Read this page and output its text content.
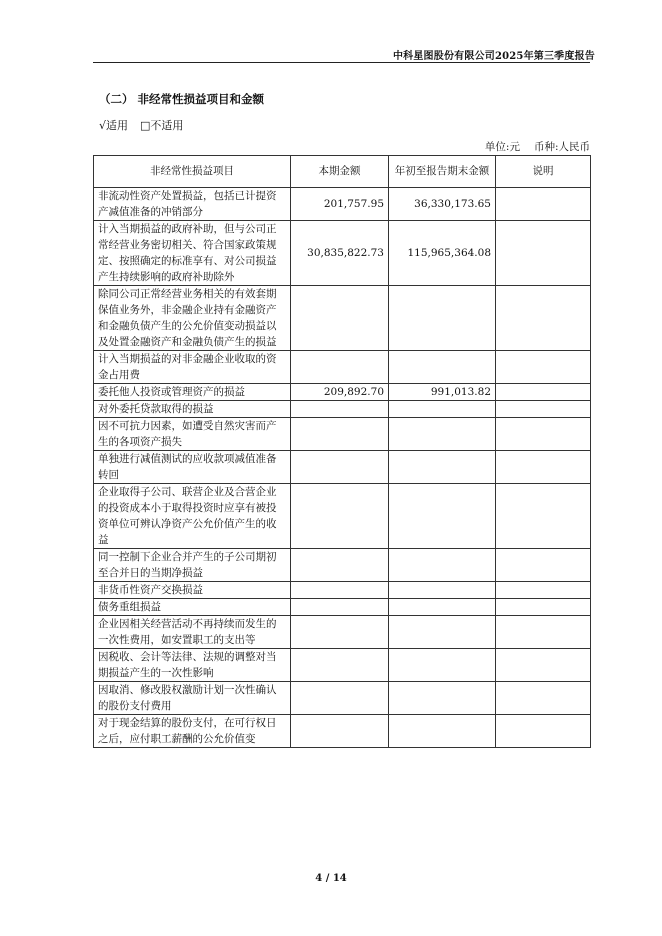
中科星图股份有限公司2025年第三季度报告
（二） 非经常性损益项目和金额
√适用 □不适用
单位:元 币种:人民币
非经常性损益项目	本期金额	年初至报告期末金额	说明
非流动性资产处置损益，包括已计提资产减值准备的冲销部分	201,757.95	36,330,173.65	
计入当期损益的政府补助，但与公司正常经营业务密切相关、符合国家政策规定、按照确定的标准享有、对公司损益产生持续影响的政府补助除外	30,835,822.73	115,965,364.08	
除同公司正常经营业务相关的有效套期保值业务外，非金融企业持有金融资产和金融负债产生的公允价值变动损益以及处置金融资产和金融负债产生的损益			
计入当期损益的对非金融企业收取的资金占用费			
委托他人投资或管理资产的损益	209,892.70	991,013.82	
对外委托贷款取得的损益			
因不可抗力因素，如遭受自然灾害而产生的各项资产损失			
单独进行减值测试的应收款项减值准备转回			
企业取得子公司、联营企业及合营企业的投资成本小于取得投资时应享有被投资单位可辨认净资产公允价值产生的收益			
同一控制下企业合并产生的子公司期初至合并日的当期净损益			
非货币性资产交换损益			
债务重组损益			
企业因相关经营活动不再持续而发生的一次性费用，如安置职工的支出等			
因税收、会计等法律、法规的调整对当期损益产生的一次性影响			
因取消、修改股权激励计划一次性确认的股份支付费用			
对于现金结算的股份支付，在可行权日之后，应付职工薪酬的公允价值变			
4 / 14
